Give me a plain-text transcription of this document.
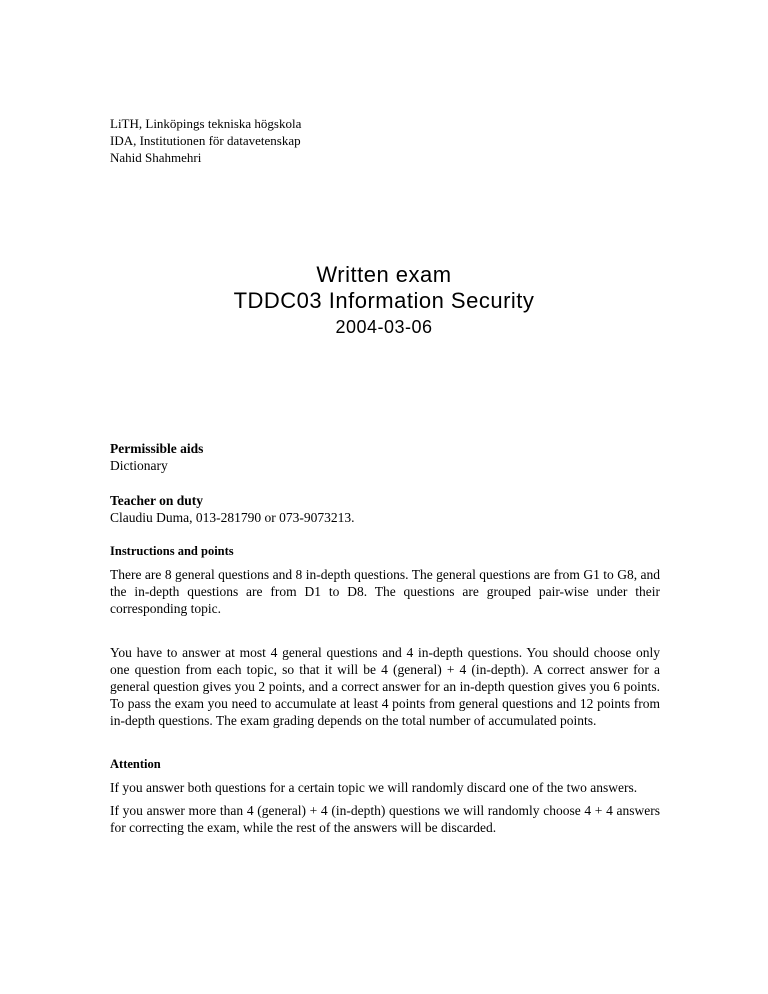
LiTH, Linköpings tekniska högskola
IDA, Institutionen för datavetenskap
Nahid Shahmehri
Written exam
TDDC03 Information Security
2004-03-06
Permissible aids

Dictionary

Teacher on duty

Claudiu Duma, 013-281790 or 073-9073213.

Instructions and points

There are 8 general questions and 8 in-depth questions. The general questions are from G1 to G8, and the in-depth questions are from D1 to D8. The questions are grouped pair-wise under their corresponding topic.

You have to answer at most 4 general questions and 4 in-depth questions. You should choose only one question from each topic, so that it will be 4 (general) + 4 (in-depth). A correct answer for a general question gives you 2 points, and a correct answer for an in-depth question gives you 6 points. To pass the exam you need to accumulate at least 4 points from general questions and 12 points from in-depth questions. The exam grading depends on the total number of accumulated points.

Attention

If you answer both questions for a certain topic we will randomly discard one of the two answers.

If you answer more than 4 (general) + 4 (in-depth) questions we will randomly choose 4 + 4 answers for correcting the exam, while the rest of the answers will be discarded.
